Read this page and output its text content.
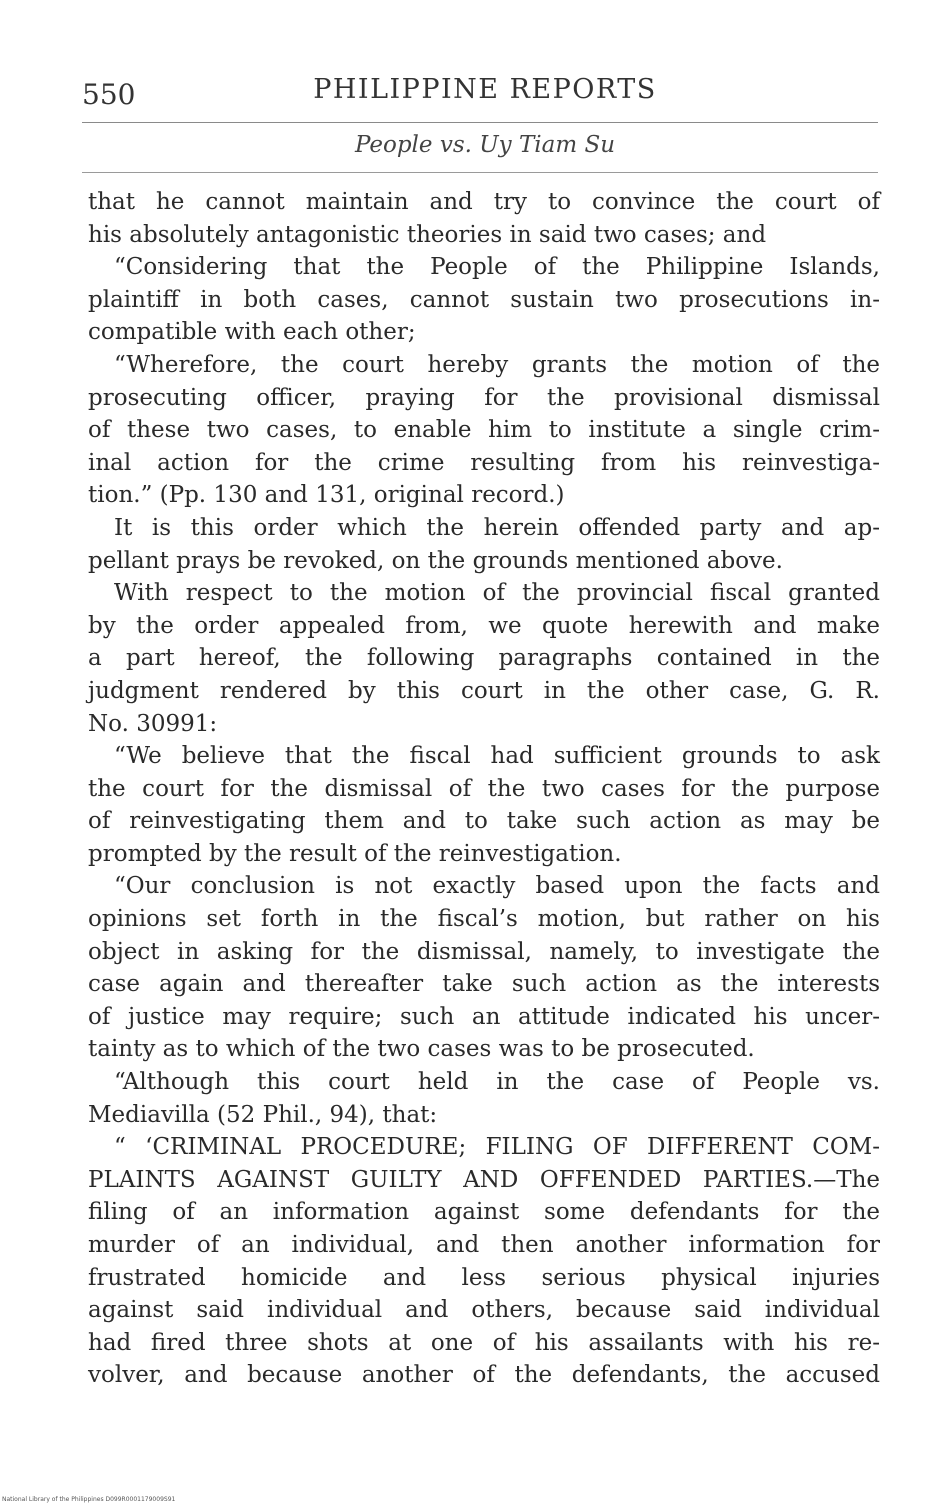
550	PHILIPPINE REPORTS
People vs. Uy Tiam Su
that he cannot maintain and try to convince the court of
his absolutely antagonistic theories in said two cases; and
“Considering that the People of the Philippine Islands,
plaintiff in both cases, cannot sustain two prosecutions in-
compatible with each other;
“Wherefore, the court hereby grants the motion of the
prosecuting officer, praying for the provisional dismissal
of these two cases, to enable him to institute a single crim-
inal action for the crime resulting from his reinvestiga-
tion.” (Pp. 130 and 131, original record.)
It is this order which the herein offended party and ap-
pellant prays be revoked, on the grounds mentioned above.
With respect to the motion of the provincial fiscal granted
by the order appealed from, we quote herewith and make
a part hereof, the following paragraphs contained in the
judgment rendered by this court in the other case, G. R.
No. 30991:
“We believe that the fiscal had sufficient grounds to ask
the court for the dismissal of the two cases for the purpose
of reinvestigating them and to take such action as may be
prompted by the result of the reinvestigation.
“Our conclusion is not exactly based upon the facts and
opinions set forth in the fiscal’s motion, but rather on his
object in asking for the dismissal, namely, to investigate the
case again and thereafter take such action as the interests
of justice may require; such an attitude indicated his uncer-
tainty as to which of the two cases was to be prosecuted.
“Although this court held in the case of People vs.
Mediavilla (52 Phil., 94), that:
“ ‘CRIMINAL PROCEDURE; FILING OF DIFFERENT COM-
PLAINTS AGAINST GUILTY AND OFFENDED PARTIES.—The
filing of an information against some defendants for the
murder of an individual, and then another information for
frustrated homicide and less serious physical injuries
against said individual and others, because said individual
had fired three shots at one of his assailants with his re-
volver, and because another of the defendants, the accused
National Library of the Philippines D099R0001179009S91
